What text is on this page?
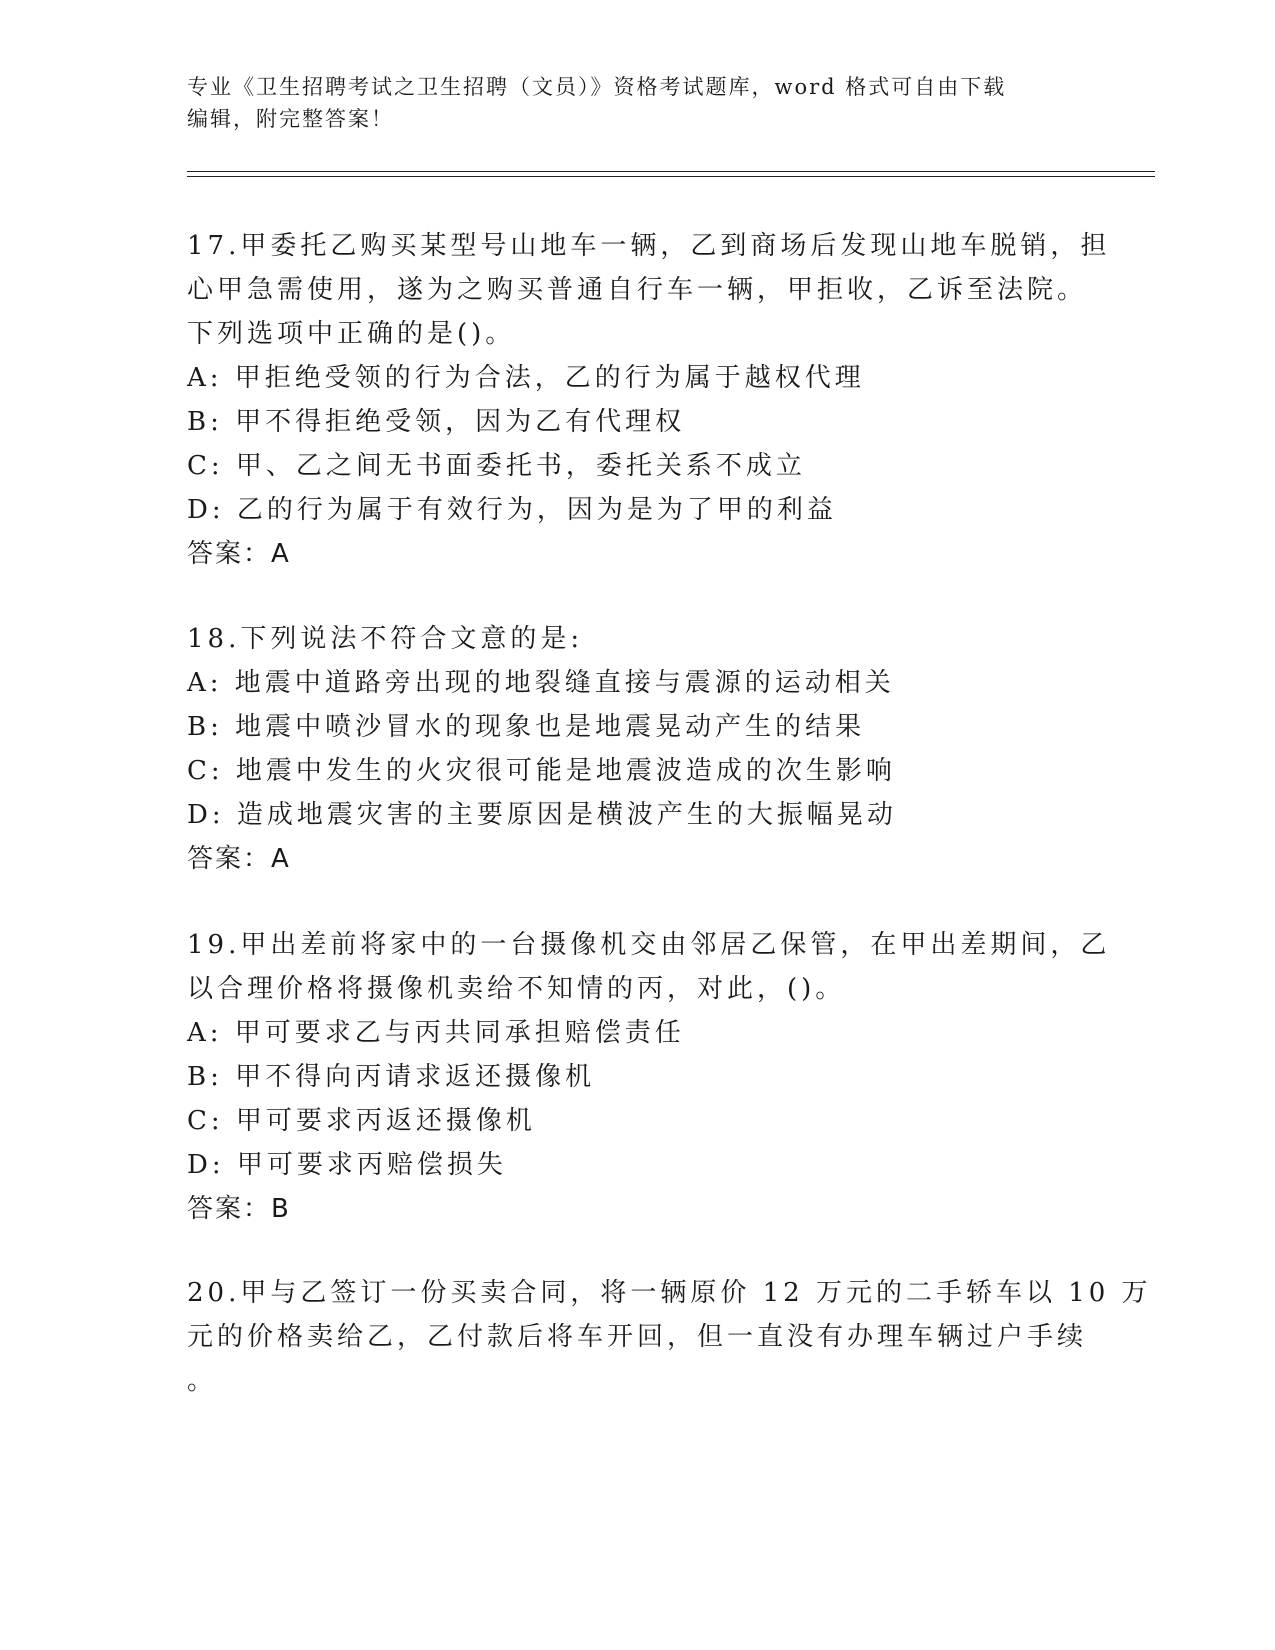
专业《卫生招聘考试之卫生招聘（文员）》资格考试题库，word 格式可自由下载
编辑，附完整答案！
17.甲委托乙购买某型号山地车一辆，乙到商场后发现山地车脱销，担
心甲急需使用，遂为之购买普通自行车一辆，甲拒收，乙诉至法院。
下列选项中正确的是()。
A: 甲拒绝受领的行为合法，乙的行为属于越权代理
B: 甲不得拒绝受领，因为乙有代理权
C: 甲、乙之间无书面委托书，委托关系不成立
D: 乙的行为属于有效行为，因为是为了甲的利益
答案：A
18.下列说法不符合文意的是:
A: 地震中道路旁出现的地裂缝直接与震源的运动相关
B: 地震中喷沙冒水的现象也是地震晃动产生的结果
C: 地震中发生的火灾很可能是地震波造成的次生影响
D: 造成地震灾害的主要原因是横波产生的大振幅晃动
答案：A
19.甲出差前将家中的一台摄像机交由邻居乙保管，在甲出差期间，乙
以合理价格将摄像机卖给不知情的丙，对此，()。
A: 甲可要求乙与丙共同承担赔偿责任
B: 甲不得向丙请求返还摄像机
C: 甲可要求丙返还摄像机
D: 甲可要求丙赔偿损失
答案：B
20.甲与乙签订一份买卖合同，将一辆原价 12 万元的二手轿车以 10 万
元的价格卖给乙，乙付款后将车开回，但一直没有办理车辆过户手续
。
